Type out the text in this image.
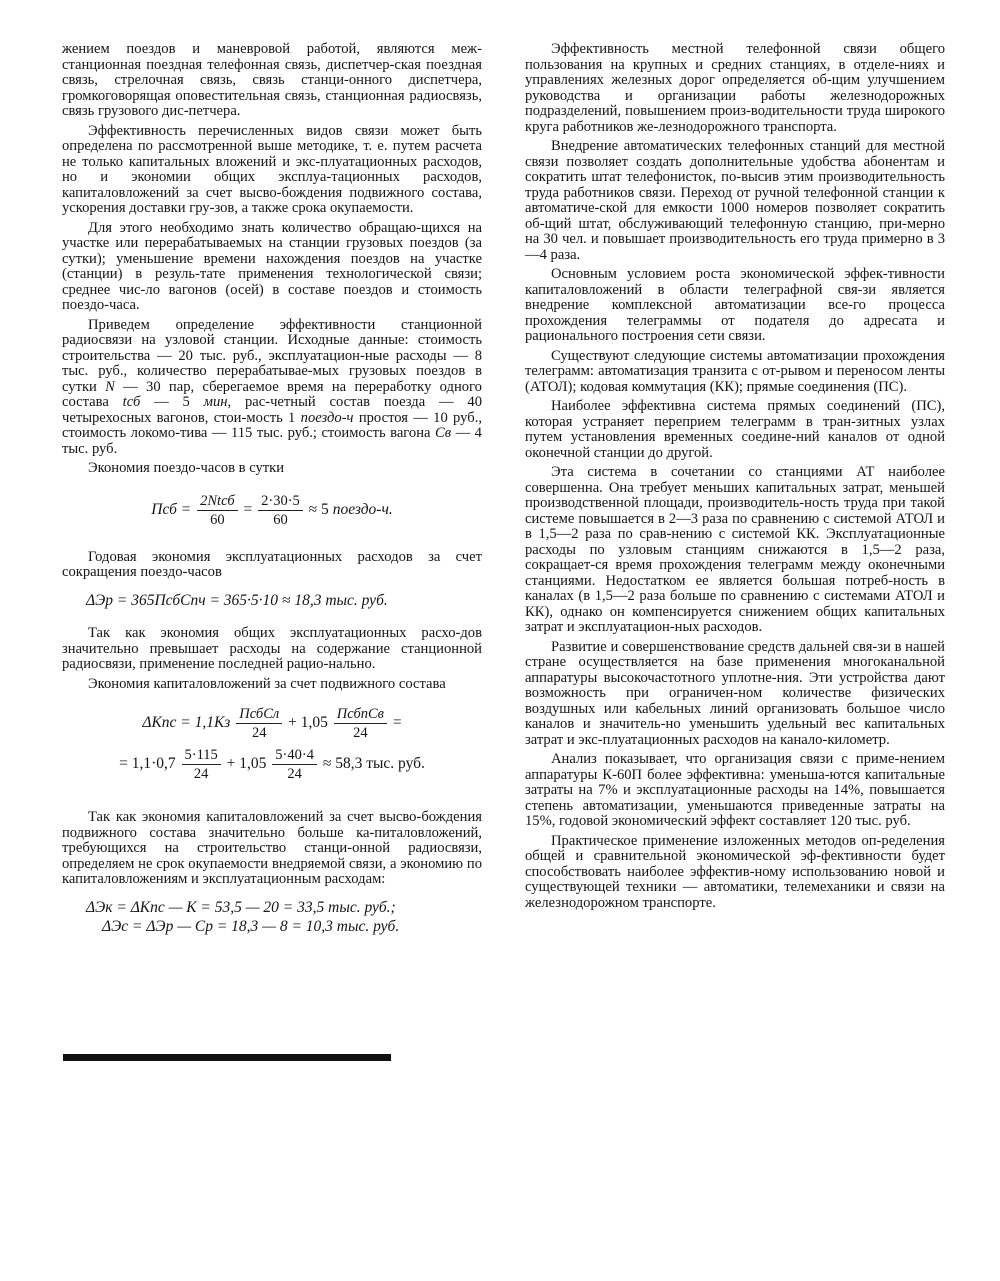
жением поездов и маневровой работой, являются меж-станционная поездная телефонная связь, диспетчер-ская поездная связь, стрелочная связь, связь станци-онного диспетчера, громкоговорящая оповестительная связь, станционная радиосвязь, связь грузового дис-петчера.

Эффективность перечисленных видов связи может быть определена по рассмотренной выше методике, т. е. путем расчета не только капитальных вложений и экс-плуатационных расходов, но и экономии общих эксплуа-тационных расходов, капиталовложений за счет высво-бождения подвижного состава, ускорения доставки гру-зов, а также срока окупаемости.

Для этого необходимо знать количество обращаю-щихся на участке или перерабатываемых на станции грузовых поездов (за сутки); уменьшение времени нахождения поездов на участке (станции) в резуль-тате применения технологической связи; среднее чис-ло вагонов (осей) в составе поездов и стоимость поездо-часа.

Приведем определение эффективности станционной радиосвязи на узловой станции. Исходные данные: стоимость строительства — 20 тыс. руб., эксплуатацион-ные расходы — 8 тыс. руб., количество перерабатывае-мых грузовых поездов в сутки N — 30 пар, сберегаемое время на переработку одного состава tсб — 5 мин, рас-четный состав поезда — 40 четырехосных вагонов, стои-мость 1 поездо-ч простоя — 10 руб., стоимость локомо-тива — 115 тыс. руб.; стоимость вагона Св — 4 тыс. руб.

Экономия поездо-часов в сутки

Псб = $\frac{\text{2Ntсб}}{60} = \frac{2\cdot 30\cdot 5}{60} \approx 5$ поездо-ч.

Годовая экономия эксплуатационных расходов за счет сокращения поездо-часов

ΔЭр = 365ПсбСпч = 365·5·10 ≈ 18,3 тыс. руб.

Так как экономия общих эксплуатационных расхо-дов значительно превышает расходы на содержание станционной радиосвязи, применение последней рацио-нально.

Экономия капиталовложений за счет подвижного состава

$\Delta Кпс = 1,1Кз \frac{\text{ПсбСл}}{24} + 1,05 \frac{\text{ПсбnСв}}{24}$ =
= $1,1\cdot 0,7 \frac{5\cdot 115}{24} + 1,05 \frac{5\cdot 40\cdot 4}{24} \approx 58,3$ тыс. руб.

Так как экономия капиталовложений за счет высво-бождения подвижного состава значительно больше ка-питаловложений, требующихся на строительство станци-онной радиосвязи, определяем не срок окупаемости внедряемой связи, а экономию по капиталовложениям и эксплуатационным расходам:

ΔЭк = ΔКпс — К = 53,5 — 20 = 33,5 тыс. руб.;
ΔЭс = ΔЭр — Ср = 18,3 — 8 = 10,3 тыс. руб.

Эффективность местной телефонной связи общего пользования на крупных и средних станциях, в отделе-ниях и управлениях железных дорог определяется об-щим улучшением руководства и организации работы железнодорожных подразделений, повышением произ-водительности труда широкого круга работников же-лезнодорожного транспорта.

Внедрение автоматических телефонных станций для местной связи позволяет создать дополнительные удобства абонентам и сократить штат телефонисток, по-высив этим производительность труда работников связи. Переход от ручной телефонной станции к автоматиче-ской для емкости 1000 номеров позволяет сократить об-щий штат, обслуживающий телефонную станцию, при-мерно на 30 чел. и повышает производительность его труда примерно в 3—4 раза.

Основным условием роста экономической эффек-тивности капиталовложений в области телеграфной свя-зи является внедрение комплексной автоматизации все-го процесса прохождения телеграммы от подателя до адресата и рационального построения сети связи.

Существуют следующие системы автоматизации прохождения телеграмм: автоматизация транзита с от-рывом и переносом ленты (АТОЛ); кодовая коммутация (КК); прямые соединения (ПС).

Наиболее эффективна система прямых соединений (ПС), которая устраняет переприем телеграмм в тран-зитных узлах путем установления временных соедине-ний каналов от одной оконечной станции до другой.

Эта система в сочетании со станциями АТ наиболее совершенна. Она требует меньших капитальных затрат, меньшей производственной площади, производитель-ность труда при такой системе повышается в 2—3 раза по сравнению с системой АТОЛ и в 1,5—2 раза по срав-нению с системой КК. Эксплуатационные расходы по узловым станциям снижаются в 1,5—2 раза, сокращает-ся время прохождения телеграмм между оконечными станциями. Недостатком ее является большая потреб-ность в каналах (в 1,5—2 раза больше по сравнению с системами АТОЛ и КК), однако он компенсируется снижением общих капитальных затрат и эксплуатацион-ных расходов.

Развитие и совершенствование средств дальней свя-зи в нашей стране осуществляется на базе применения многоканальной аппаратуры высокочастотного уплотне-ния. Эти устройства дают возможность при ограничен-ном количестве физических воздушных или кабельных линий организовать большое число каналов и значитель-но уменьшить удельный вес капитальных затрат и экс-плуатационных расходов на канало-километр.

Анализ показывает, что организация связи с приме-нением аппаратуры К-60П более эффективна: уменьша-ются капитальные затраты на 7% и эксплуатационные расходы на 14%, повышается степень автоматизации, уменьшаются приведенные затраты на 15%, годовой экономический эффект составляет 120 тыс. руб.

Практическое применение изложенных методов оп-ределения общей и сравнительной экономической эф-фективности будет способствовать наиболее эффектив-ному использованию новой и существующей техники — автоматики, телемеханики и связи на железнодорожном транспорте.
